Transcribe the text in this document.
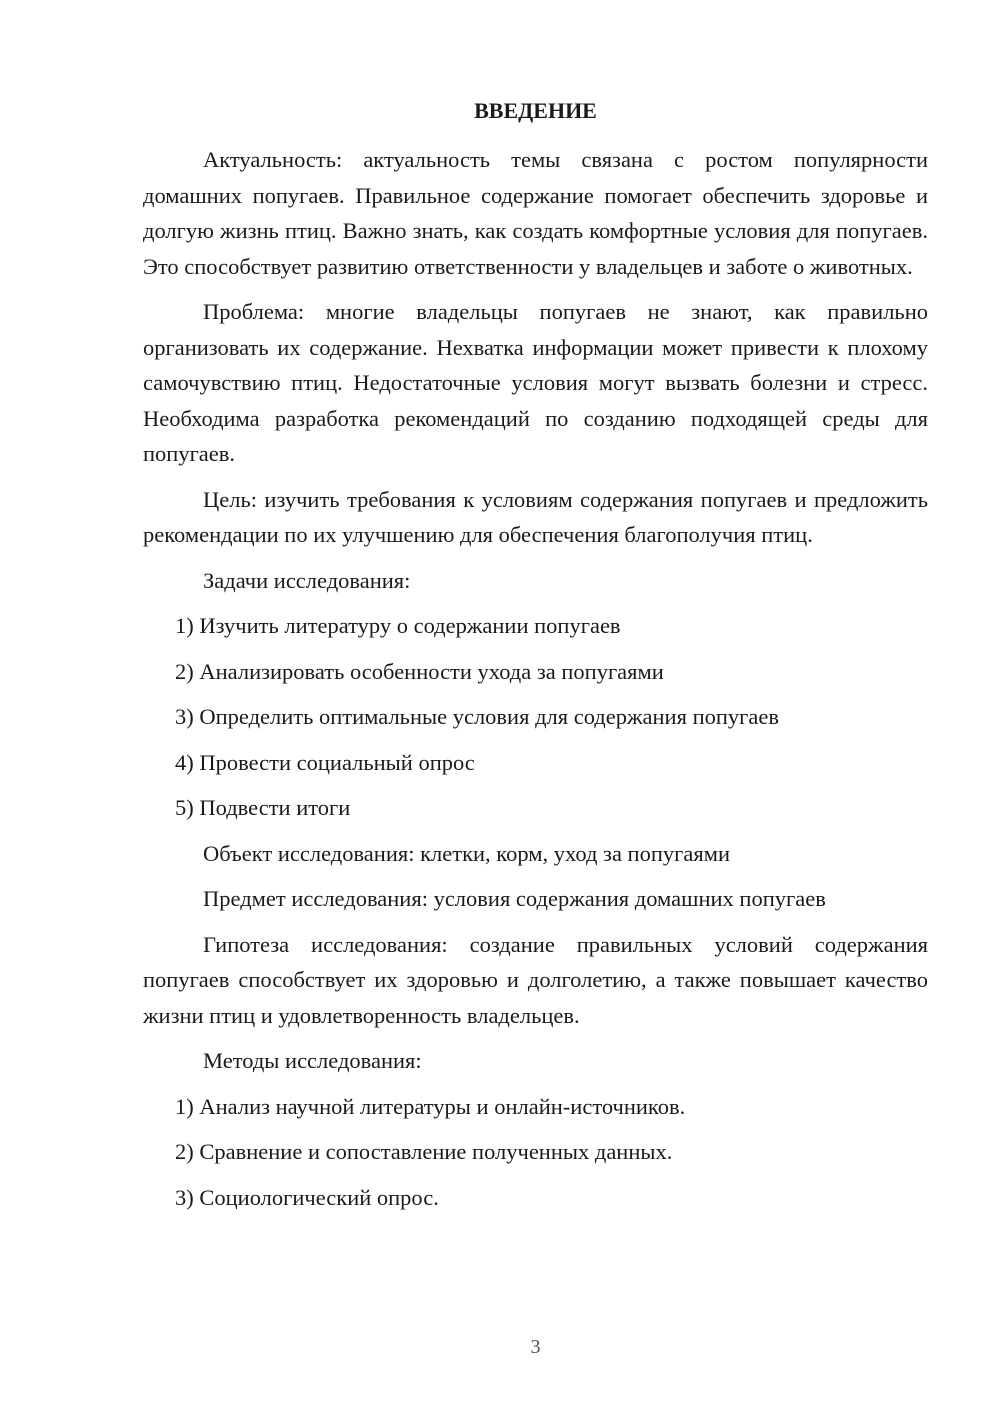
ВВЕДЕНИЕ

Актуальность: актуальность темы связана с ростом популярности домашних попугаев. Правильное содержание помогает обеспечить здоровье и долгую жизнь птиц. Важно знать, как создать комфортные условия для попугаев. Это способствует развитию ответственности у владельцев и заботе о животных.

Проблема: многие владельцы попугаев не знают, как правильно организовать их содержание. Нехватка информации может привести к плохому самочувствию птиц. Недостаточные условия могут вызвать болезни и стресс. Необходима разработка рекомендаций по созданию подходящей среды для попугаев.

Цель: изучить требования к условиям содержания попугаев и предложить рекомендации по их улучшению для обеспечения благополучия птиц.

Задачи исследования:

1) Изучить литературу о содержании попугаев

2) Анализировать особенности ухода за попугаями

3) Определить оптимальные условия для содержания попугаев

4) Провести социальный опрос

5) Подвести итоги

Объект исследования: клетки, корм, уход за попугаями

Предмет исследования: условия содержания домашних попугаев

Гипотеза исследования: создание правильных условий содержания попугаев способствует их здоровью и долголетию, а также повышает качество жизни птиц и удовлетворенность владельцев.

Методы исследования:

1) Анализ научной литературы и онлайн-источников.

2) Сравнение и сопоставление полученных данных.

3) Социологический опрос.

3
